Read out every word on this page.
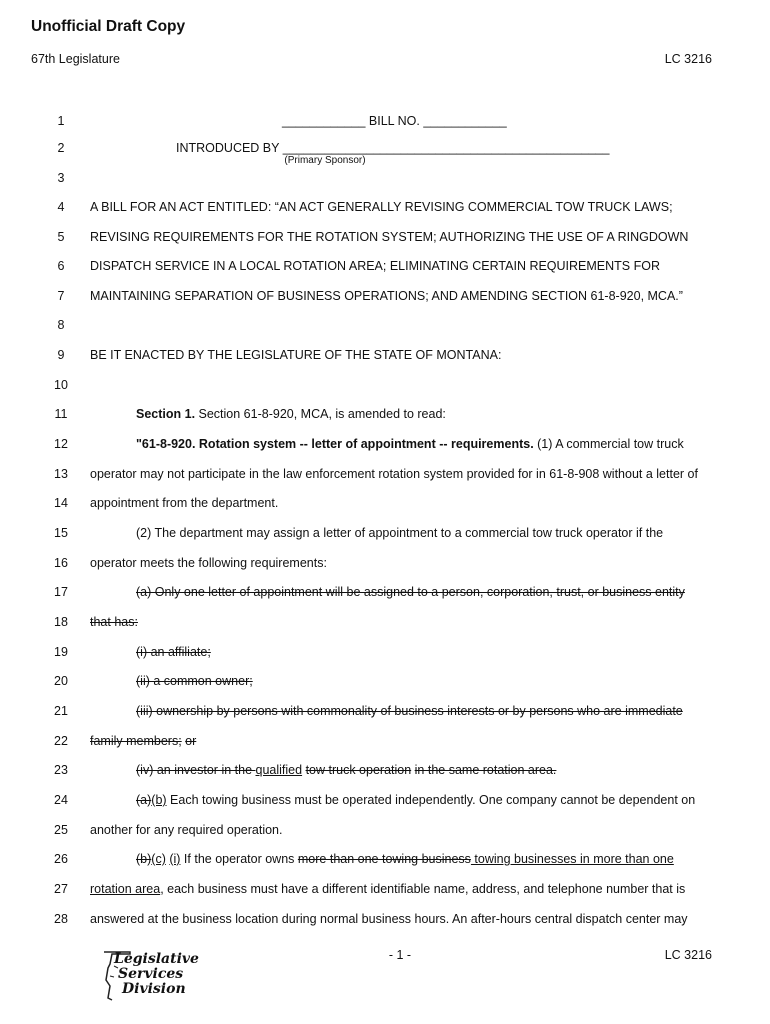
Unofficial Draft Copy
67th Legislature	LC 3216
1	____________ BILL NO. ____________
2	INTRODUCED BY _______________________________________________
(Primary Sponsor)
3
4	A BILL FOR AN ACT ENTITLED: “AN ACT GENERALLY REVISING COMMERCIAL TOW TRUCK LAWS;
5	REVISING REQUIREMENTS FOR THE ROTATION SYSTEM; AUTHORIZING THE USE OF A RINGDOWN
6	DISPATCH SERVICE IN A LOCAL ROTATION AREA; ELIMINATING CERTAIN REQUIREMENTS FOR
7	MAINTAINING SEPARATION OF BUSINESS OPERATIONS; AND AMENDING SECTION 61-8-920, MCA.”
8
9	BE IT ENACTED BY THE LEGISLATURE OF THE STATE OF MONTANA:
10
11	Section 1. Section 61-8-920, MCA, is amended to read:
12	"61-8-920. Rotation system -- letter of appointment -- requirements. (1) A commercial tow truck
13	operator may not participate in the law enforcement rotation system provided for in 61-8-908 without a letter of
14	appointment from the department.
15	(2) The department may assign a letter of appointment to a commercial tow truck operator if the
16	operator meets the following requirements:
17	(a) Only one letter of appointment will be assigned to a person, corporation, trust, or business entity
18	that has:
19	(i) an affiliate;
20	(ii) a common owner;
21	(iii) ownership by persons with commonality of business interests or by persons who are immediate
22	family members; or
23	(iv) an investor in the qualified tow truck operation in the same rotation area.
24	(a)(b) Each towing business must be operated independently. One company cannot be dependent on
25	another for any required operation.
26	(b)(c) (i) If the operator owns more than one towing business towing businesses in more than one
27	rotation area, each business must have a different identifiable name, address, and telephone number that is
28	answered at the business location during normal business hours. An after-hours central dispatch center may
Legislative
Services
Division
- 1 -	LC 3216
